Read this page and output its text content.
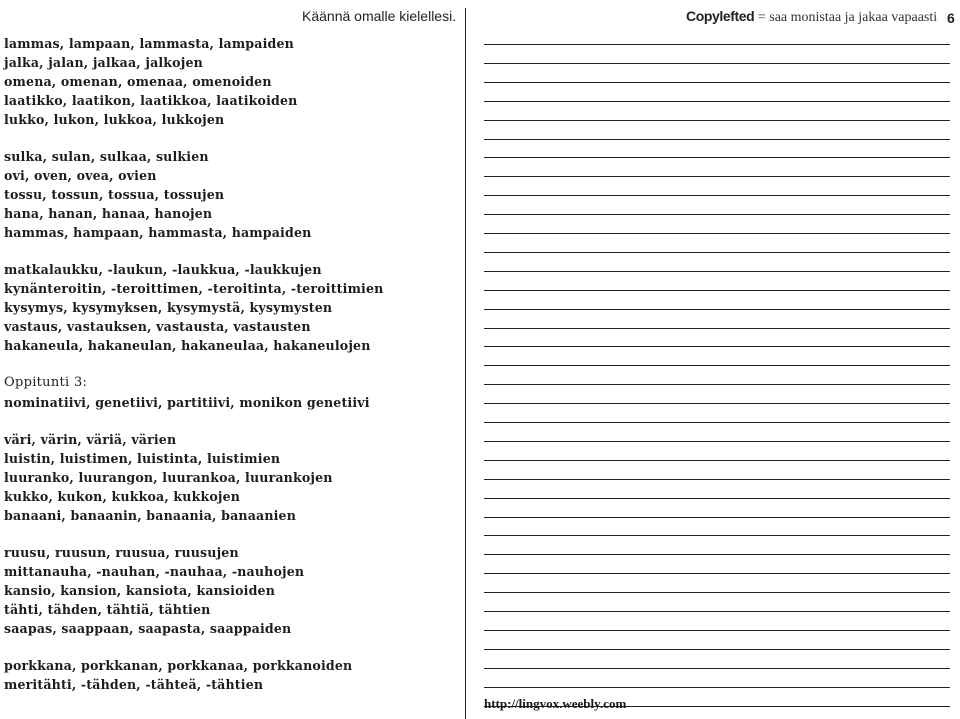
lammas, lampaan, lammasta, lampaiden
jalka, jalan, jalkaa, jalkojen
omena, omenan, omenaa, omenoiden
laatikko, laatikon, laatikkoa, laatikoiden
lukko, lukon, lukkoa, lukkojen
sulka, sulan, sulkaa, sulkien
ovi, oven, ovea, ovien
tossu, tossun, tossua, tossujen
hana, hanan, hanaa, hanojen
hammas, hampaan, hammasta, hampaiden
matkalaukku, -laukun, -laukkua, -laukkujen
kynänteroitin, -teroittimen, -teroitinta, -teroittimien
kysymys, kysymyksen, kysymystä, kysymysten
vastaus, vastauksen, vastausta, vastausten
hakaneula, hakaneulan, hakaneulaa, hakaneulojen
Oppitunti 3:
nominatiivi, genetiivi, partitiivi, monikon genetiivi
väri, värin, väriä, värien
luistin, luistimen, luistinta, luistimien
luuranko, luurangon, luurankoa, luurankojen
kukko, kukon, kukkoa, kukkojen
banaani, banaanin, banaania, banaanien
ruusu, ruusun, ruusua, ruusujen
mittanauha, -nauhan, -nauhaa, -nauhojen
kansio, kansion, kansiota, kansioiden
tähti, tähden, tähtiä, tähtien
saapas, saappaan, saapasta, saappaiden
porkkana, porkkanan, porkkanaa, porkkanoiden
meritähti, -tähden, -tähteä, -tähtien
Käännä omalle kielellesi.	Copylefted = saa monistaa ja jakaa vapaasti 6
http://lingvox.weebly.com
